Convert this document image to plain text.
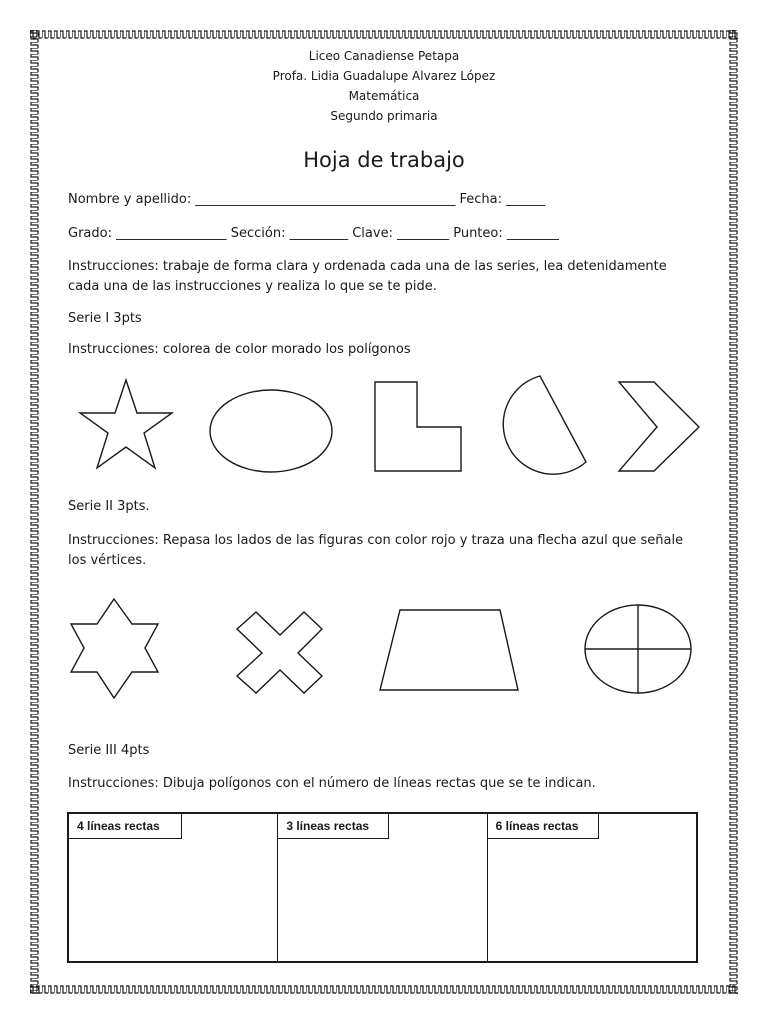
Liceo Canadiense Petapa
Profa. Lidia Guadalupe Alvarez López
Matemática
Segundo primaria
Hoja de trabajo
Nombre y apellido: ________________________________________ Fecha: ______
Grado: _________________ Sección: _________ Clave: ________ Punteo: ________
Instrucciones: trabaje de forma clara y ordenada cada una de las series, lea detenidamente cada una de las instrucciones y realiza lo que se te pide.
Serie I 3pts
Instrucciones: colorea de color morado los polígonos
Serie II 3pts.
Instrucciones: Repasa los lados de las figuras con color rojo y traza una flecha azul que señale los vértices.
Serie III 4pts
Instrucciones: Dibuja polígonos con el número de líneas rectas que se te indican.
4 líneas rectas	3 líneas rectas	6 líneas rectas
